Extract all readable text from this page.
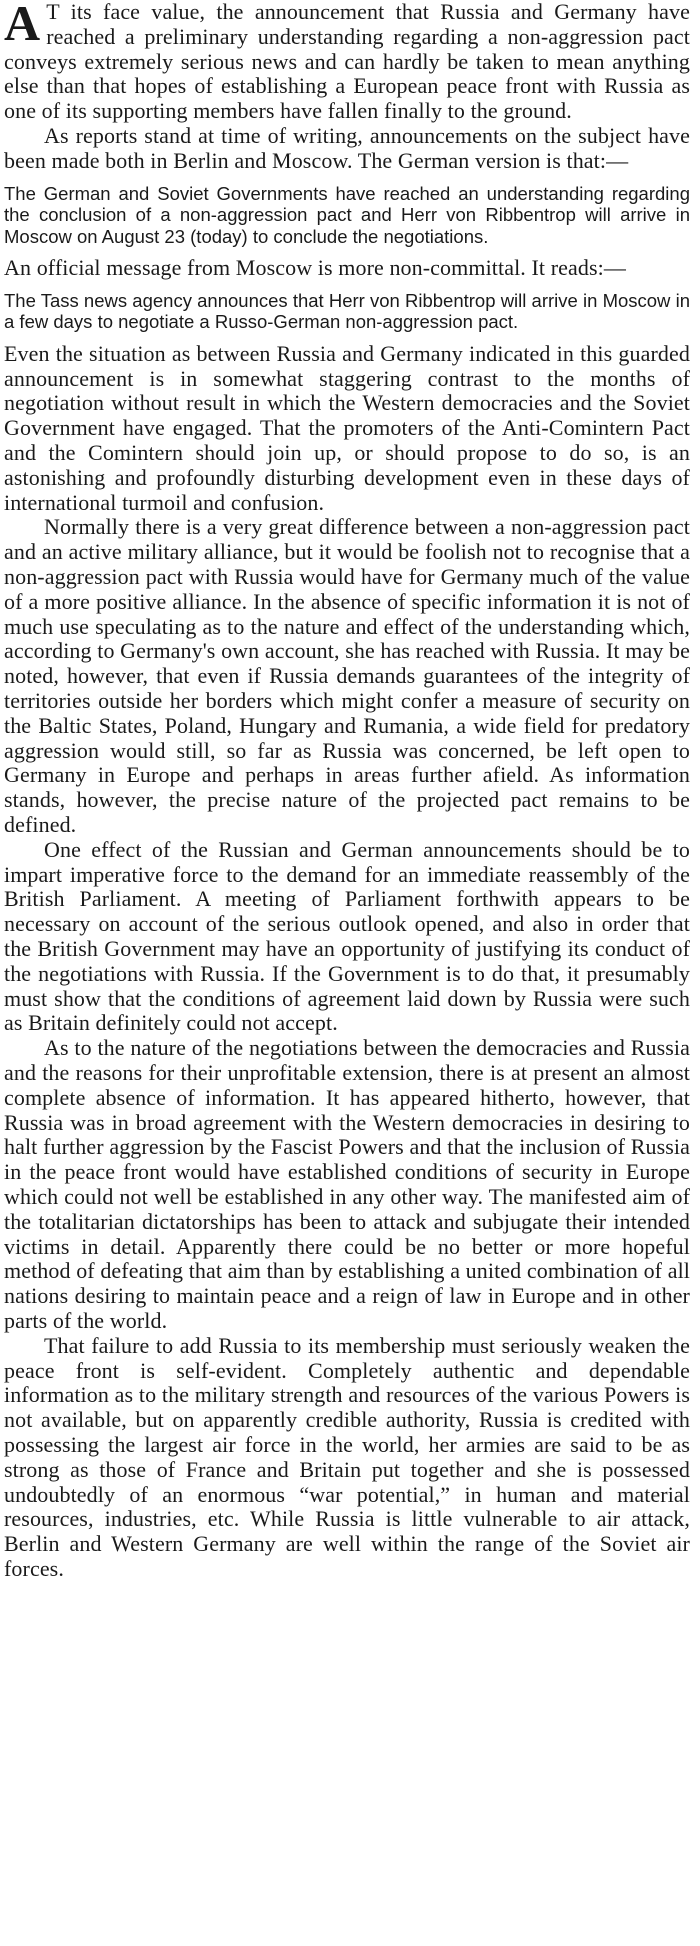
A T its face value, the announcement that Russia and Germany have reached a preliminary understanding regarding a non-aggression pact conveys extremely serious news and can hardly be taken to mean anything else than that hopes of establishing a European peace front with Russia as one of its supporting members have fallen finally to the ground.

As reports stand at time of writing, announcements on the subject have been made both in Berlin and Moscow. The German version is that:—

The German and Soviet Governments have reached an understanding regarding the conclusion of a non-aggression pact and Herr von Ribbentrop will arrive in Moscow on August 23 (today) to conclude the negotiations.

An official message from Moscow is more non-committal. It reads:—

The Tass news agency announces that Herr von Ribbentrop will arrive in Moscow in a few days to negotiate a Russo-German non-aggression pact.

Even the situation as between Russia and Germany indicated in this guarded announcement is in somewhat staggering contrast to the months of negotiation without result in which the Western democracies and the Soviet Government have engaged. That the promoters of the Anti-Comintern Pact and the Comintern should join up, or should propose to do so, is an astonishing and profoundly disturbing development even in these days of international turmoil and confusion.

Normally there is a very great difference between a non-aggression pact and an active military alliance, but it would be foolish not to recognise that a non-aggression pact with Russia would have for Germany much of the value of a more positive alliance. In the absence of specific information it is not of much use speculating as to the nature and effect of the understanding which, according to Germany's own account, she has reached with Russia. It may be noted, however, that even if Russia demands guarantees of the integrity of territories outside her borders which might confer a measure of security on the Baltic States, Poland, Hungary and Rumania, a wide field for predatory aggression would still, so far as Russia was concerned, be left open to Germany in Europe and perhaps in areas further afield. As information stands, however, the precise nature of the projected pact remains to be defined.

One effect of the Russian and German announcements should be to impart imperative force to the demand for an immediate reassembly of the British Parliament. A meeting of Parliament forthwith appears to be necessary on account of the serious outlook opened, and also in order that the British Government may have an opportunity of justifying its conduct of the negotiations with Russia. If the Government is to do that, it presumably must show that the conditions of agreement laid down by Russia were such as Britain definitely could not accept.

As to the nature of the negotiations between the democracies and Russia and the reasons for their unprofitable extension, there is at present an almost complete absence of information. It has appeared hitherto, however, that Russia was in broad agreement with the Western democracies in desiring to halt further aggression by the Fascist Powers and that the inclusion of Russia in the peace front would have established conditions of security in Europe which could not well be established in any other way. The manifested aim of the totalitarian dictatorships has been to attack and subjugate their intended victims in detail. Apparently there could be no better or more hopeful method of defeating that aim than by establishing a united combination of all nations desiring to maintain peace and a reign of law in Europe and in other parts of the world.

That failure to add Russia to its membership must seriously weaken the peace front is self-evident. Completely authentic and dependable information as to the military strength and resources of the various Powers is not available, but on apparently credible authority, Russia is credited with possessing the largest air force in the world, her armies are said to be as strong as those of France and Britain put together and she is possessed undoubtedly of an enormous “war potential,” in human and material resources, industries, etc. While Russia is little vulnerable to air attack, Berlin and Western Germany are well within the range of the Soviet air forces.
